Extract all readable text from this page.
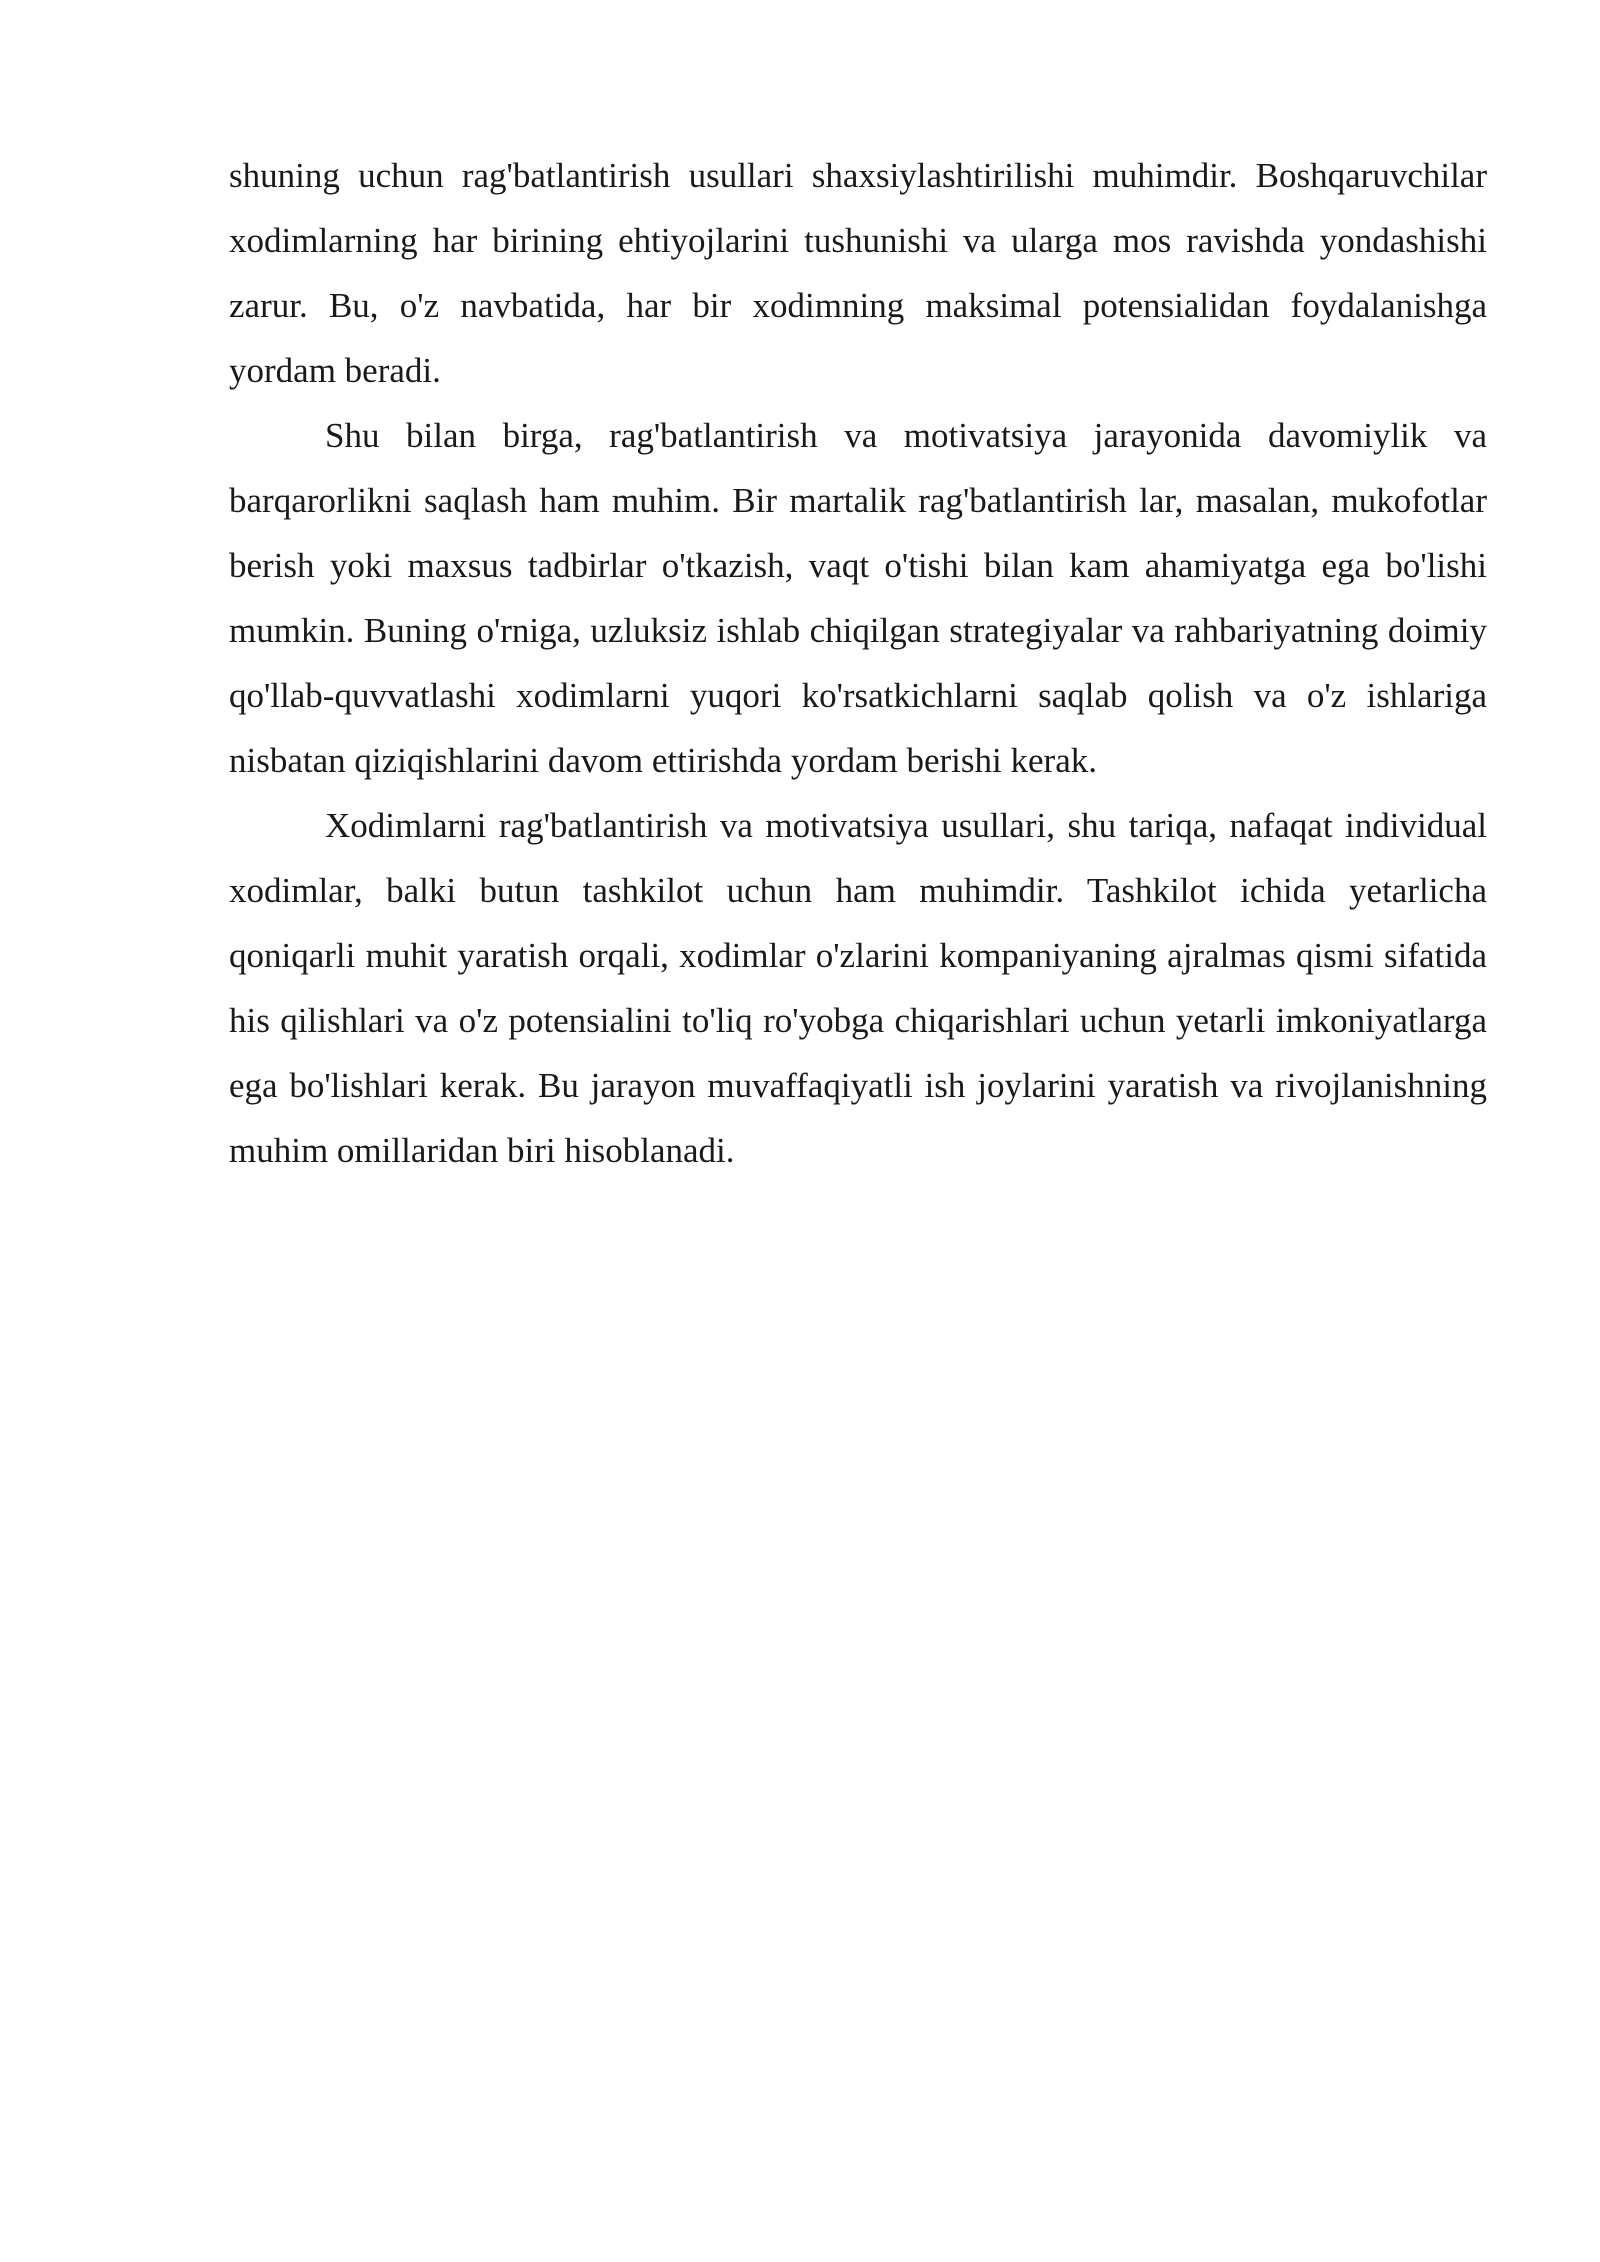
shuning uchun rag'batlantirish usullari shaxsiylashtirilishi muhimdir. Boshqaruvchilar xodimlarning har birining ehtiyojlarini tushunishi va ularga mos ravishda yondashishi zarur. Bu, o'z navbatida, har bir xodimning maksimal potensialidan foydalanishga yordam beradi.

Shu bilan birga, rag'batlantirish va motivatsiya jarayonida davomiylik va barqarorlikni saqlash ham muhim. Bir martalik rag'batlantirish lar, masalan, mukofotlar berish yoki maxsus tadbirlar o'tkazish, vaqt o'tishi bilan kam ahamiyatga ega bo'lishi mumkin. Buning o'rniga, uzluksiz ishlab chiqilgan strategiyalar va rahbariyatning doimiy qo'llab-quvvatlashi xodimlarni yuqori ko'rsatkichlarni saqlab qolish va o'z ishlariga nisbatan qiziqishlarini davom ettirishda yordam berishi kerak.

Xodimlarni rag'batlantirish va motivatsiya usullari, shu tariqa, nafaqat individual xodimlar, balki butun tashkilot uchun ham muhimdir. Tashkilot ichida yetarlicha qoniqarli muhit yaratish orqali, xodimlar o'zlarini kompaniyaning ajralmas qismi sifatida his qilishlari va o'z potensialini to'liq ro'yobga chiqarishlari uchun yetarli imkoniyatlarga ega bo'lishlari kerak. Bu jarayon muvaffaqiyatli ish joylarini yaratish va rivojlanishning muhim omillaridan biri hisoblanadi.
